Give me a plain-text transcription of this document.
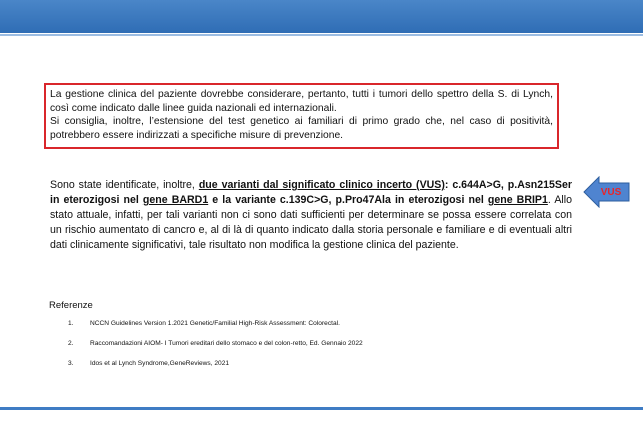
La gestione clinica del paziente dovrebbe considerare, pertanto, tutti i tumori dello spettro della S. di Lynch, così come indicato dalle linee guida nazionali ed internazionali.

Si consiglia, inoltre, l’estensione del test genetico ai familiari di primo grado che, nel caso di positività, potrebbero essere indirizzati a specifiche misure di prevenzione.

Sono state identificate, inoltre, due varianti dal significato clinico incerto (VUS): c.644A>G, p.Asn215Ser in eterozigosi nel gene BARD1 e la variante c.139C>G, p.Pro47Ala in eterozigosi nel gene BRIP1. Allo stato attuale, infatti, per tali varianti non ci sono dati sufficienti per determinare se possa essere correlata con un rischio aumentato di cancro e, al di là di quanto indicato dalla storia personale e familiare e di eventuali altri dati clinicamente significativi, tale risultato non modifica la gestione clinica del paziente.

VUS
Referenze
1.	NCCN Guidelines Version 1.2021 Genetic/Familial High-Risk Assessment: Colorectal.
2.	Raccomandazioni AIOM- I Tumori ereditari dello stomaco e del colon-retto, Ed. Gennaio 2022
3.	Idos et al Lynch Syndrome,GeneReviews, 2021
